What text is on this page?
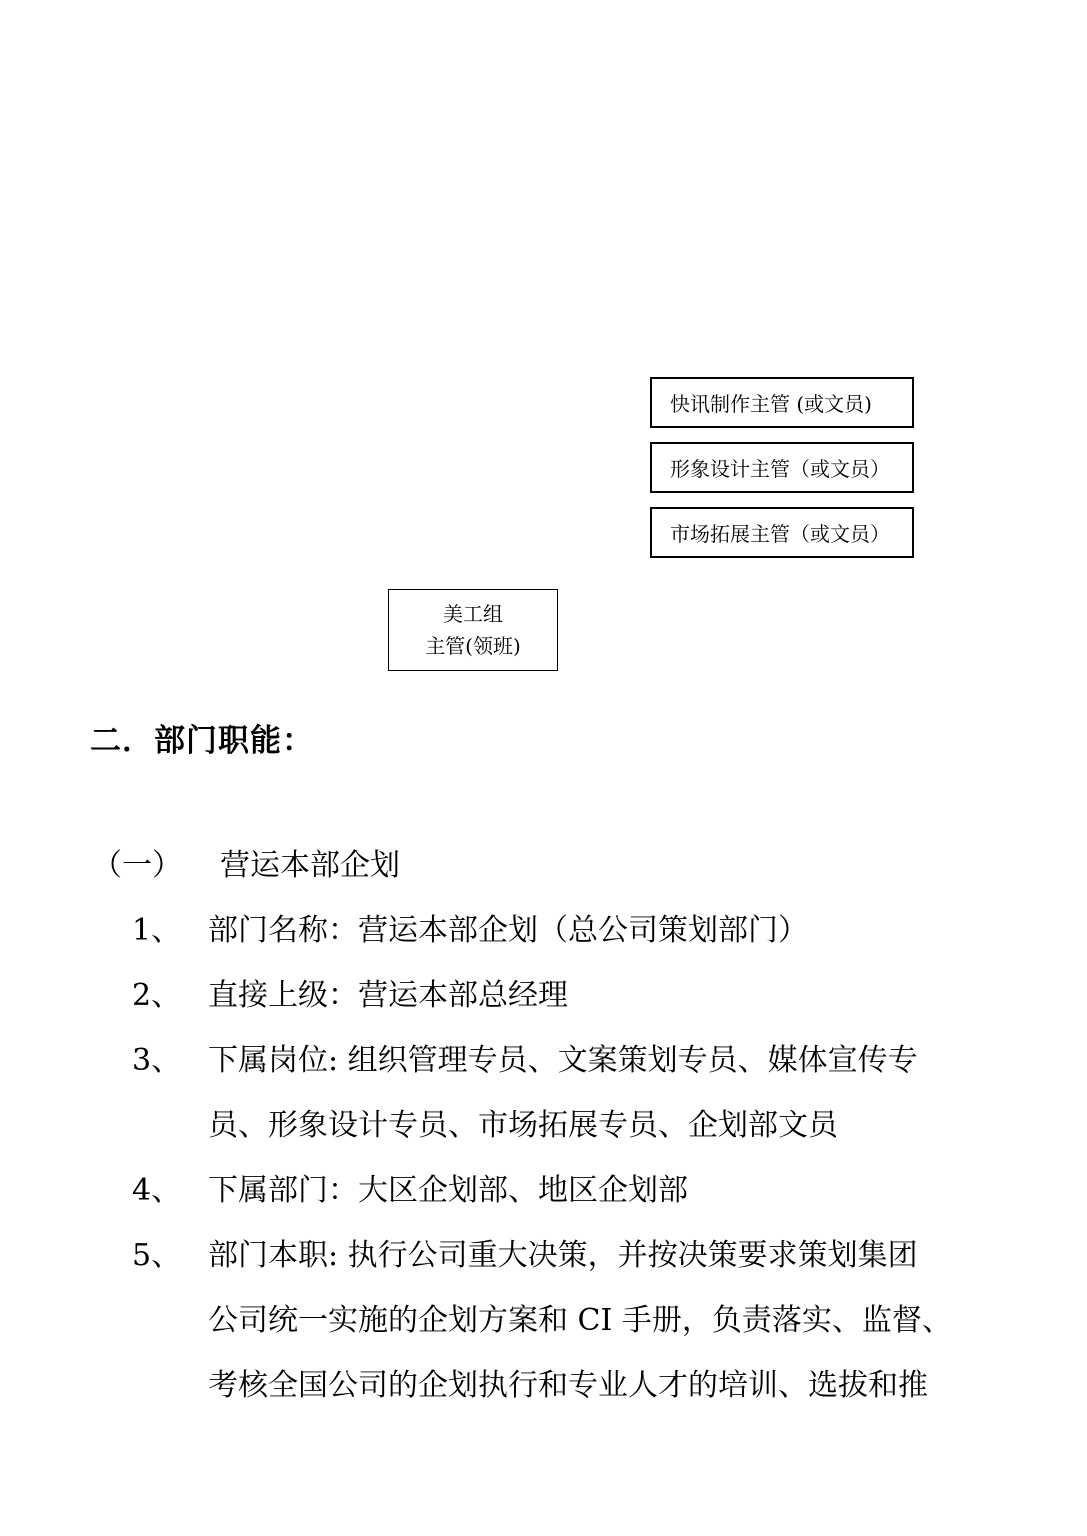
快讯制作主管 (或文员)
形象设计主管（或文员）
市场拓展主管（或文员）
美工组
主管(领班)
二．部门职能：
（一） 营运本部企划
1、 部门名称：营运本部企划（总公司策划部门）
2、 直接上级：营运本部总经理
3、 下属岗位: 组织管理专员、文案策划专员、媒体宣传专
员、形象设计专员、市场拓展专员、企划部文员
4、 下属部门：大区企划部、地区企划部
5、 部门本职: 执行公司重大决策，并按决策要求策划集团
公司统一实施的企划方案和 CI 手册，负责落实、监督、
考核全国公司的企划执行和专业人才的培训、选拔和推
